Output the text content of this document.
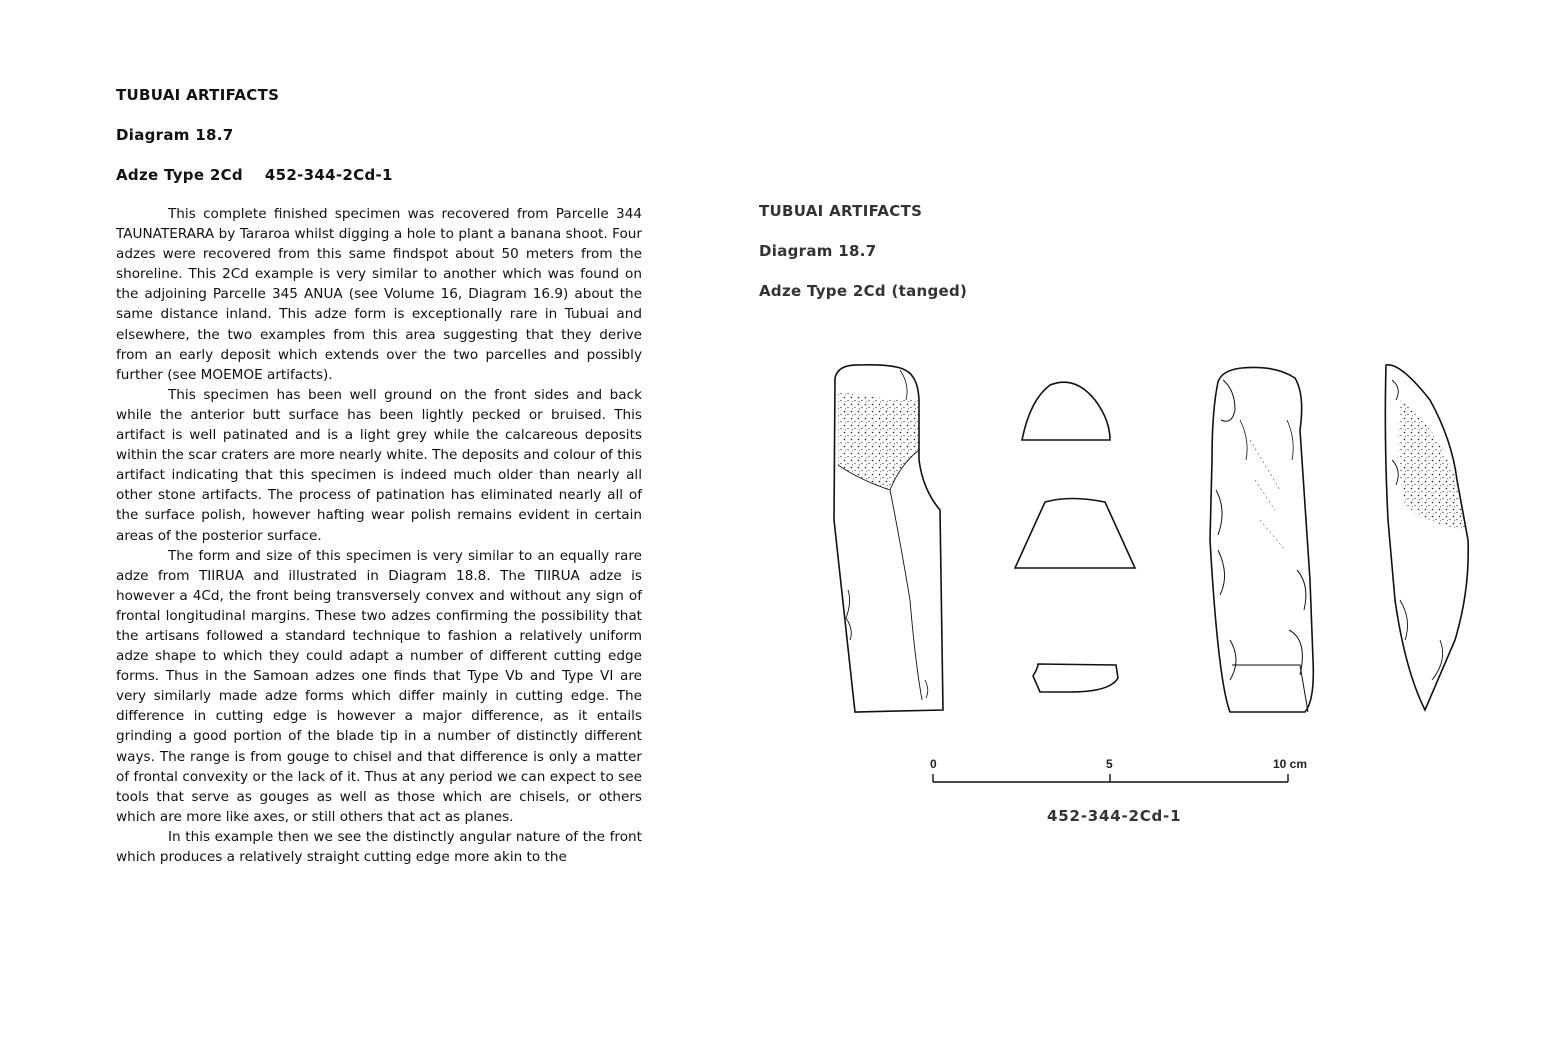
TUBUAI ARTIFACTS
Diagram 18.7
Adze Type 2Cd 452-344-2Cd-1

This complete finished specimen was recovered from Parcelle 344 TAUNATERARA by Tararoa whilst digging a hole to plant a banana shoot. Four adzes were recovered from this same findspot about 50 meters from the shoreline. This 2Cd example is very similar to another which was found on the adjoining Parcelle 345 ANUA (see Volume 16, Diagram 16.9) about the same distance inland. This adze form is exceptionally rare in Tubuai and elsewhere, the two examples from this area suggesting that they derive from an early deposit which extends over the two parcelles and possibly further (see MOEMOE artifacts).

This specimen has been well ground on the front sides and back while the anterior butt surface has been lightly pecked or bruised. This artifact is well patinated and is a light grey while the calcareous deposits within the scar craters are more nearly white. The deposits and colour of this artifact indicating that this specimen is indeed much older than nearly all other stone artifacts. The process of patination has eliminated nearly all of the surface polish, however hafting wear polish remains evident in certain areas of the posterior surface.

The form and size of this specimen is very similar to an equally rare adze from TIIRUA and illustrated in Diagram 18.8. The TIIRUA adze is however a 4Cd, the front being transversely convex and without any sign of frontal longitudinal margins. These two adzes confirming the possibility that the artisans followed a standard technique to fashion a relatively uniform adze shape to which they could adapt a number of different cutting edge forms. Thus in the Samoan adzes one finds that Type Vb and Type VI are very similarly made adze forms which differ mainly in cutting edge. The difference in cutting edge is however a major difference, as it entails grinding a good portion of the blade tip in a number of distinctly different ways. The range is from gouge to chisel and that difference is only a matter of frontal convexity or the lack of it. Thus at any period we can expect to see tools that serve as gouges as well as those which are chisels, or others which are more like axes, or still others that act as planes.

In this example then we see the distinctly angular nature of the front which produces a relatively straight cutting edge more akin to the

TUBUAI ARTIFACTS
Diagram 18.7
Adze Type 2Cd (tanged)
0	5	10 cm

452-344-2Cd-1
